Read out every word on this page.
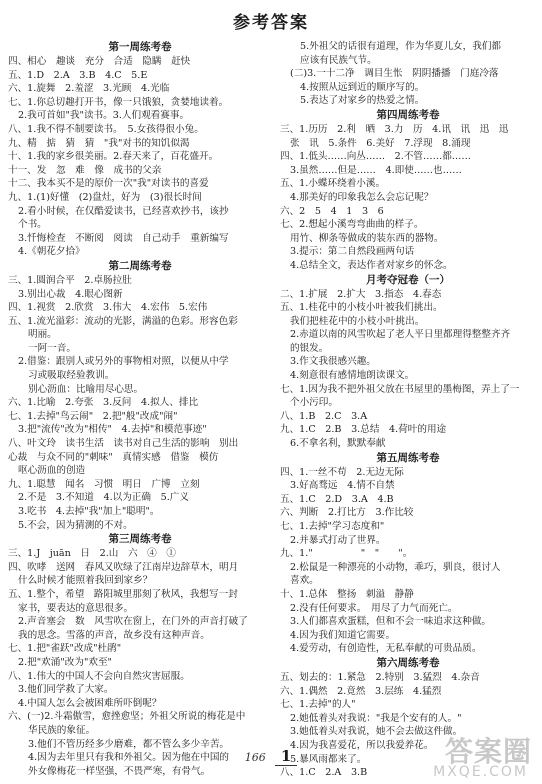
参考答案
第一周练考卷
四、相心　趣谈　充分　合适　隐瞒　赶快
五、1.D　2.A　3.B　4.C　5.E
六、1.旋舞　2.羞涩　3.光顾　4.光临
七、1.你总切趣打开书，像一只饿狼，贪婪地读着。
2.我可首如"我"读书。3.人们观看赛事。
八、1.我不得不制要读书。　5.女孩得很小兔。
九、精　掂　猜　猜　"我"对书的知饥似渴
十、1.我的家乡很美丽。2.春天来了，百花盛开。
十一、发　忽　难　像　成书的父亲
十二、我本买不是的原价一次"我"对读书的喜爱
九、1.(1)好懂　(2)盘灶，好为　(3)很长时间
2.看小时候，在仅酷爱读书，已经喜欢抄书，该抄
个书。
3.忏悔检查　不断阅　阅读　自己动手　重新编写
4.《朝花夕拾》
第二周练考卷
三、1.圆润合平　2.卓肠拉肚
3.别出心裁　4.眼心图新
四、1.视赏　2.欣赏　3.伟大　4.宏伟　5.宏伟
五、1.流光溢彩：流动的光影，满溢的色彩。形容色彩
明丽。
一阿一音。
2.借鉴：跟别人或另外的事物相对照，以便从中学
习或吸取经验教训。
别心沥血：比喻用尽心思。
六、1.比喻　2.夸张　3.反问　4.拟人、排比
七、1.去掉"鸟云闹"　2.把"般"改成"闹"
3.把"流传"改为"相传"　4.去掉"和模范事迹"
八、叶文玲　读书生活　读书对自己生活的影响　别出
心裁　与众不同的"刺味"　真情实感　借鉴　模仿
呕心沥血的创造
九、1.聪慧　闻名　习惯　明日　广博　立刻
2.不是　3.不知道　4.以为正确　5.广义
3.吃书　4.去掉"我"加上"聪明"。
5.不会，因为猜测的不对。
第三周练考卷
三、1.J　juān　日　2.山　六　④　①
四、吹哮　送网　春风又吹绿了江南岸边辞草木，明月
什么时候才能照着我回到家乡？
五、1.整个，希望　路阳城里那刻了秋风，我想写一封
家书，要表达的意思很多。
2.声音塞会　数　风雪吹在窗上，在门外的声音打破了
我的思念。雪落的声音，故乡没有这种声音。
七、1.把"雀跃"改成"杜鹃"
2.把"欢涌"改为"欢至"
八、1.伟大的中国人不会向自然灾害屈服。
3.他们同学救了大家。
4.中国人怎么会被困难所吓倒呢？
六、(一)2.斗霜傲雪，愈挫愈坚；外祖父所说的梅花是中
华民族的象征。
3.他们不管历经多少磨难，都不管么多少辛苦。
4.因为去年里只有我和外祖父。因为他在中国的
外女像梅花一样坚强，不畏严寒，有骨气。
5.外祖父的话很有道理，作为华夏儿女，我们都
应该有民族气节。
(二)3.一十二净　调目生怅　阴阴播播　门庭冷落
4.按照从远到近的顺序写的。
5.表达了对家乡的热爱之情。
第四周练考卷
三、1.历历　2.利　晒　3.力　历　4.讯　讯　迅　迅
张　讯　5.条件　6.美好　7.浮现　8.涌现
四、1.低头……向丛……　2.不管……都……
3.虽然……但是……　4.即使……也……
五、1.小蝶环绕着小溪。
4.那美好的印象我怎么会忘记呢？
六、2　5　4　1　3　6
七、2.想起小溪弯弯曲曲的样子。
用竹、柳条等做成的装东西的器物。
3.提示：第二自然段画两句话
4.总结全文，表达作者对家乡的怀念。
月考夺冠卷（一）
二、1.扩展　2.扩大　3.指态　4.春态
五、1.桂花中的小枝小叶被我们挑出。
我们把桂花中的小枝小叶挑出。
2.赤道以南的风雪吹起了老人平日里都理得整整齐齐
的银发。
3.作文我很感兴趣。
4.刻意很有感情地朗读课文。
七、1.因为我不把外祖父放在书屋里的墨梅图，弄上了一
个小污印。
八、1.B　2.C　3.A
九、1.C　2.B　3.总结　4.荷叶的用途
6.不拿名利，默默奉献
第五周练考卷
四、1.一丝不苟　2.无边无际
3.好高骛远　4.情不自禁
五、1.C　2.D　3.A　4.B
六、判断　2.打比方　3.作比较
七、1.去掉"学习态度和"
2.并暴式打动了世界。
九、1."　　　　　"　"　　"。
2.松鼠是一种漂亮的小动物，乖巧，驯良，很讨人
喜欢。
十、1.总体　整扬　刺溢　静静
2.没有任何要求。　用尽了力气而死亡。
3.人们都喜欢蛋糕，但和不会一味追求这种做。
4.因为我们知道它需要。
4.爱劳动，有创造性，无私奉献的可贵品质。
第六周练考卷
五、划去的：1.紧急　2.特别　3.猛烈　4.杂音
六、1.偶然　2.竟然　3.层练　4.猛烈
七、1.去掉"的人"
2.她低着头对我说："我是个安有的人。"
3.她低着头对我说，她不会去做这件做。
4.因为我喜爱花，所以我爱养花。
5.暴风雨都来了。
八、1.C　2.A　3.B
166 1	答案圈
MXQE.COM
